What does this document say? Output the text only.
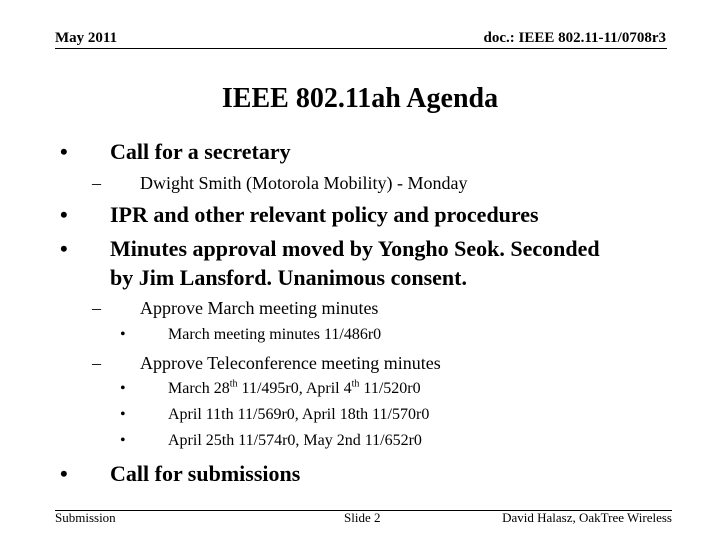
May 2011	doc.: IEEE 802.11-11/0708r3
IEEE 802.11ah Agenda
• Call for a secretary
– Dwight Smith (Motorola Mobility) - Monday
• IPR and other relevant policy and procedures
• Minutes approval moved by Yongho Seok. Seconded
by Jim Lansford. Unanimous consent.
– Approve March meeting minutes
•	March meeting minutes 11/486r0
– Approve Teleconference meeting minutes
•	March 28th 11/495r0, April 4th 11/520r0
•	April 11th 11/569r0, April 18th 11/570r0
•	April 25th 11/574r0, May 2nd 11/652r0
• Call for submissions
Submission	Slide 2	David Halasz, OakTree Wireless
